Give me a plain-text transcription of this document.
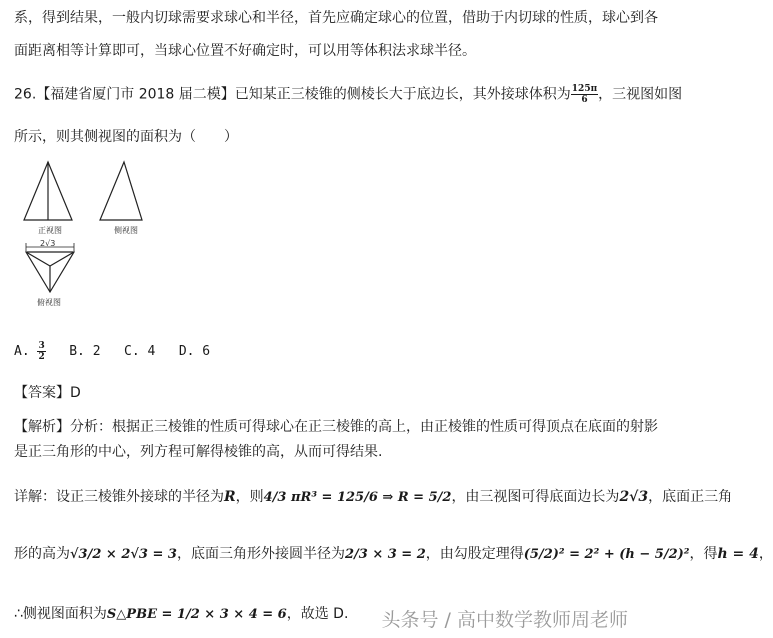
系，得到结果，一般内切球需要求球心和半径，首先应确定球心的位置，借助于内切球的性质，球心到各
面距离相等计算即可，当球心位置不好确定时，可以用等体积法求球半径。
26.【福建省厦门市 2018 届二模】已知某正三棱锥的侧棱长大于底边长，其外接球体积为 $\frac{125\pi}{6}$ ，三视图如图
所示，则其侧视图的面积为（　　）
正视图	侧视图
2√3
俯视图
A. $\frac{3}{2} B$. 2 C. 4 D. 6
【答案】D
【解析】分析：根据正三棱锥的性质可得球心在正三棱锥的高上，由正棱锥的性质可得顶点在底面的射影
是正三角形的中心，列方程可解得棱锥的高，从而可得结果.
详解：设正三棱锥外接球的半径为R，则4/3 πR³ = 125/6 ⇒ R = 5/2，由三视图可得底面边长为2√3，底面正三角
形的高为√3/2 × 2√3 = 3，底面三角形外接圆半径为2/3 × 3 = 2，由勾股定理得(5/2)² = 2² + (h − 5/2)²，得h = 4，
∴侧视图面积为S△PBE = 1/2 × 3 × 4 = 6，故选 D. 头条号 / 高中数学教师周老师
